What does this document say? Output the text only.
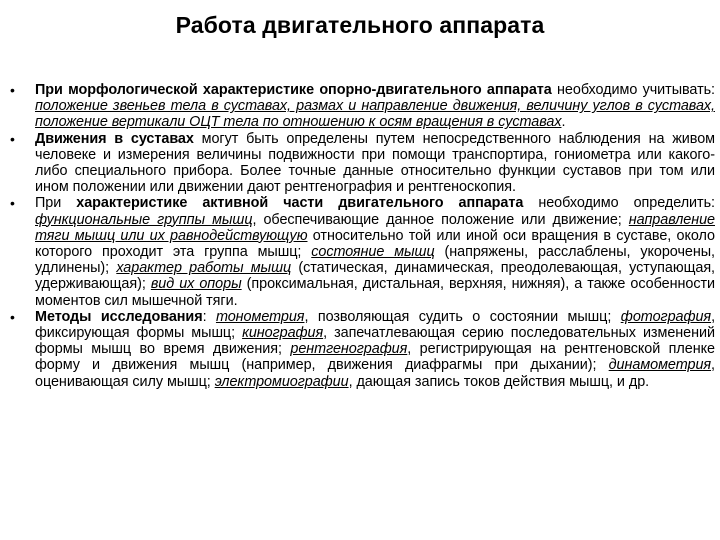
Работа двигательного аппарата
• При морфологической характеристике опорно-двигательного аппарата необходимо учитывать: положение звеньев тела в суставах, размах и направление движения, величину углов в суставах, положение вертикали ОЦТ тела по отношению к осям вращения в суставах.
• Движения в суставах могут быть определены путем непосредственного наблюдения на живом человеке и измерения величины подвижности при помощи транспортира, гониометра или какого-либо специального прибора. Более точные данные относительно функции суставов при том или ином положении или движении дают рентгенография и рентгеноскопия.
• При характеристике активной части двигательного аппарата необходимо определить: функциональные группы мышц, обеспечивающие данное положение или движение; направление тяги мышц или их равнодействующую относительно той или иной оси вращения в суставе, около которого проходит эта группа мышц; состояние мышц (напряжены, расслаблены, укорочены, удлинены); характер работы мышц (статическая, динамическая, преодолевающая, уступающая, удерживающая); вид их опоры (проксимальная, дистальная, верхняя, нижняя), а также особенности моментов сил мышечной тяги.
• Методы исследования: тонометрия, позволяющая судить о состоянии мышц; фотография, фиксирующая формы мышц; кинография, запечатлевающая серию последовательных изменений формы мышц во время движения; рентгенография, регистрирующая на рентгеновской пленке форму и движения мышц (например, движения диафрагмы при дыхании); динамометрия, оценивающая силу мышц; электромиографии, дающая запись токов действия мышц, и др.
